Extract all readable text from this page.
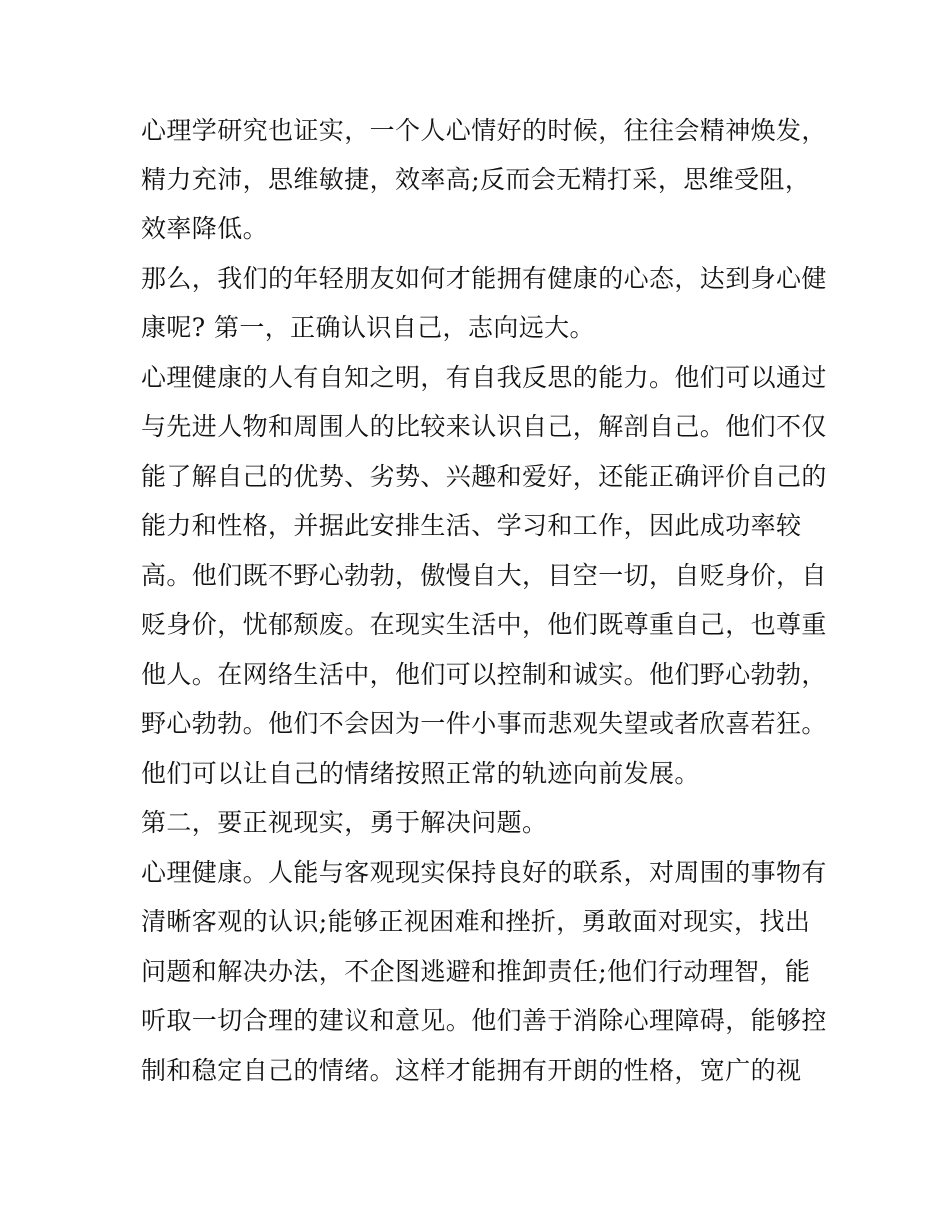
心理学研究也证实，一个人心情好的时候，往往会精神焕发，
精力充沛，思维敏捷，效率高;反而会无精打采，思维受阻，
效率降低。
那么，我们的年轻朋友如何才能拥有健康的心态，达到身心健
康呢? 第一，正确认识自己，志向远大。
心理健康的人有自知之明，有自我反思的能力。他们可以通过
与先进人物和周围人的比较来认识自己，解剖自己。他们不仅
能了解自己的优势、劣势、兴趣和爱好，还能正确评价自己的
能力和性格，并据此安排生活、学习和工作，因此成功率较
高。他们既不野心勃勃，傲慢自大，目空一切，自贬身价，自
贬身价，忧郁颓废。在现实生活中，他们既尊重自己，也尊重
他人。在网络生活中，他们可以控制和诚实。他们野心勃勃，
野心勃勃。他们不会因为一件小事而悲观失望或者欣喜若狂。
他们可以让自己的情绪按照正常的轨迹向前发展。
第二，要正视现实，勇于解决问题。
心理健康。人能与客观现实保持良好的联系，对周围的事物有
清晰客观的认识;能够正视困难和挫折，勇敢面对现实，找出
问题和解决办法，不企图逃避和推卸责任;他们行动理智，能
听取一切合理的建议和意见。他们善于消除心理障碍，能够控
制和稳定自己的情绪。这样才能拥有开朗的性格，宽广的视
